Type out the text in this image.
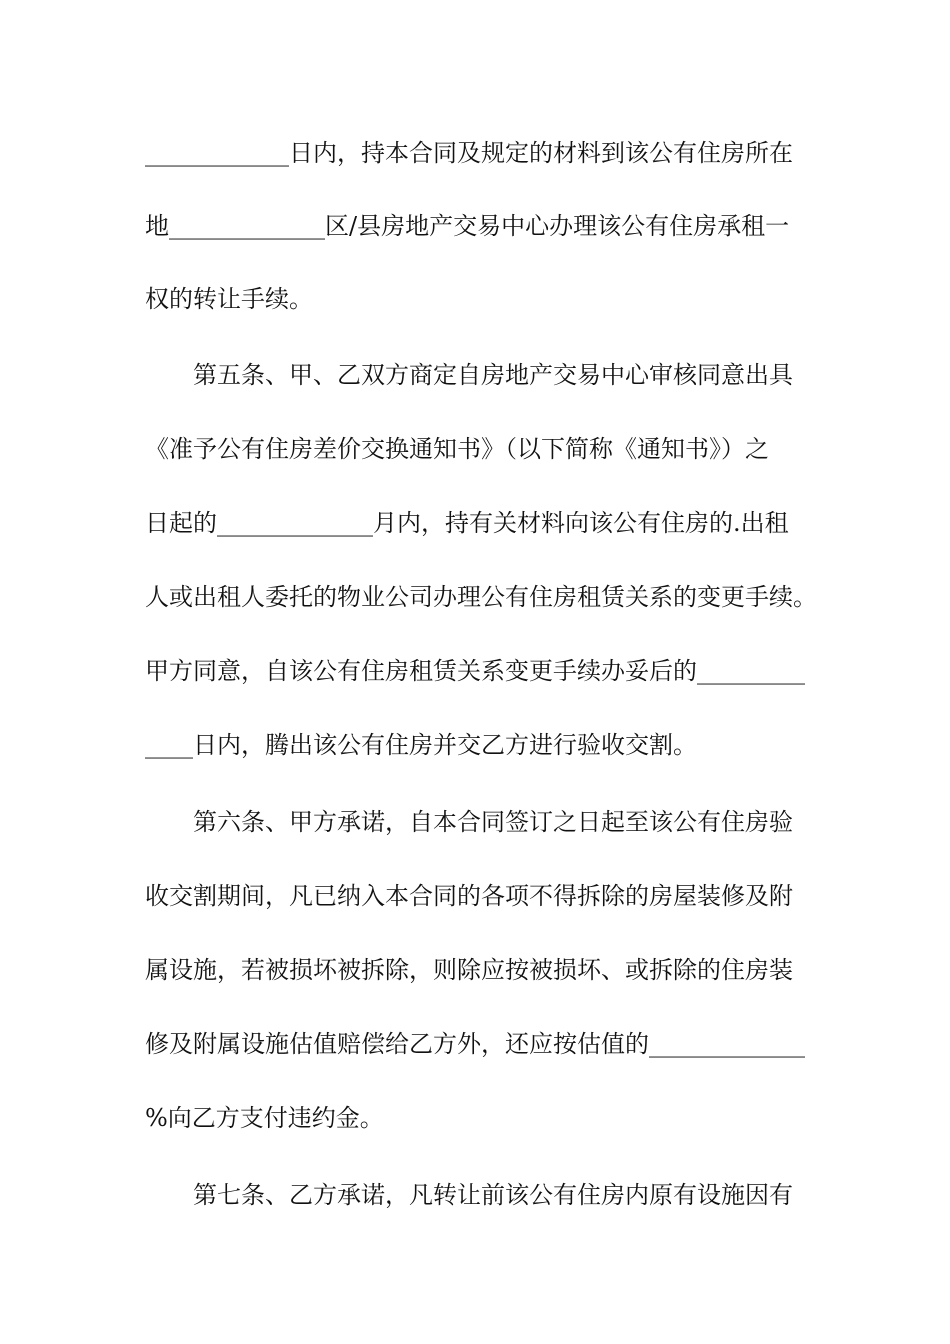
____________日内，持本合同及规定的材料到该公有住房所在
地_____________区/县房地产交易中心办理该公有住房承租一
权的转让手续。
第五条、甲、乙双方商定自房地产交易中心审核同意出具
《准予公有住房差价交换通知书》（以下简称《通知书》）之
日起的_____________月内，持有关材料向该公有住房的.出租
人或出租人委托的物业公司办理公有住房租赁关系的变更手续。
甲方同意，自该公有住房租赁关系变更手续办妥后的_________
____日内，腾出该公有住房并交乙方进行验收交割。
第六条、甲方承诺，自本合同签订之日起至该公有住房验
收交割期间，凡已纳入本合同的各项不得拆除的房屋装修及附
属设施，若被损坏被拆除，则除应按被损坏、或拆除的住房装
修及附属设施估值赔偿给乙方外，还应按估值的_____________
%向乙方支付违约金。
第七条、乙方承诺，凡转让前该公有住房内原有设施因有
